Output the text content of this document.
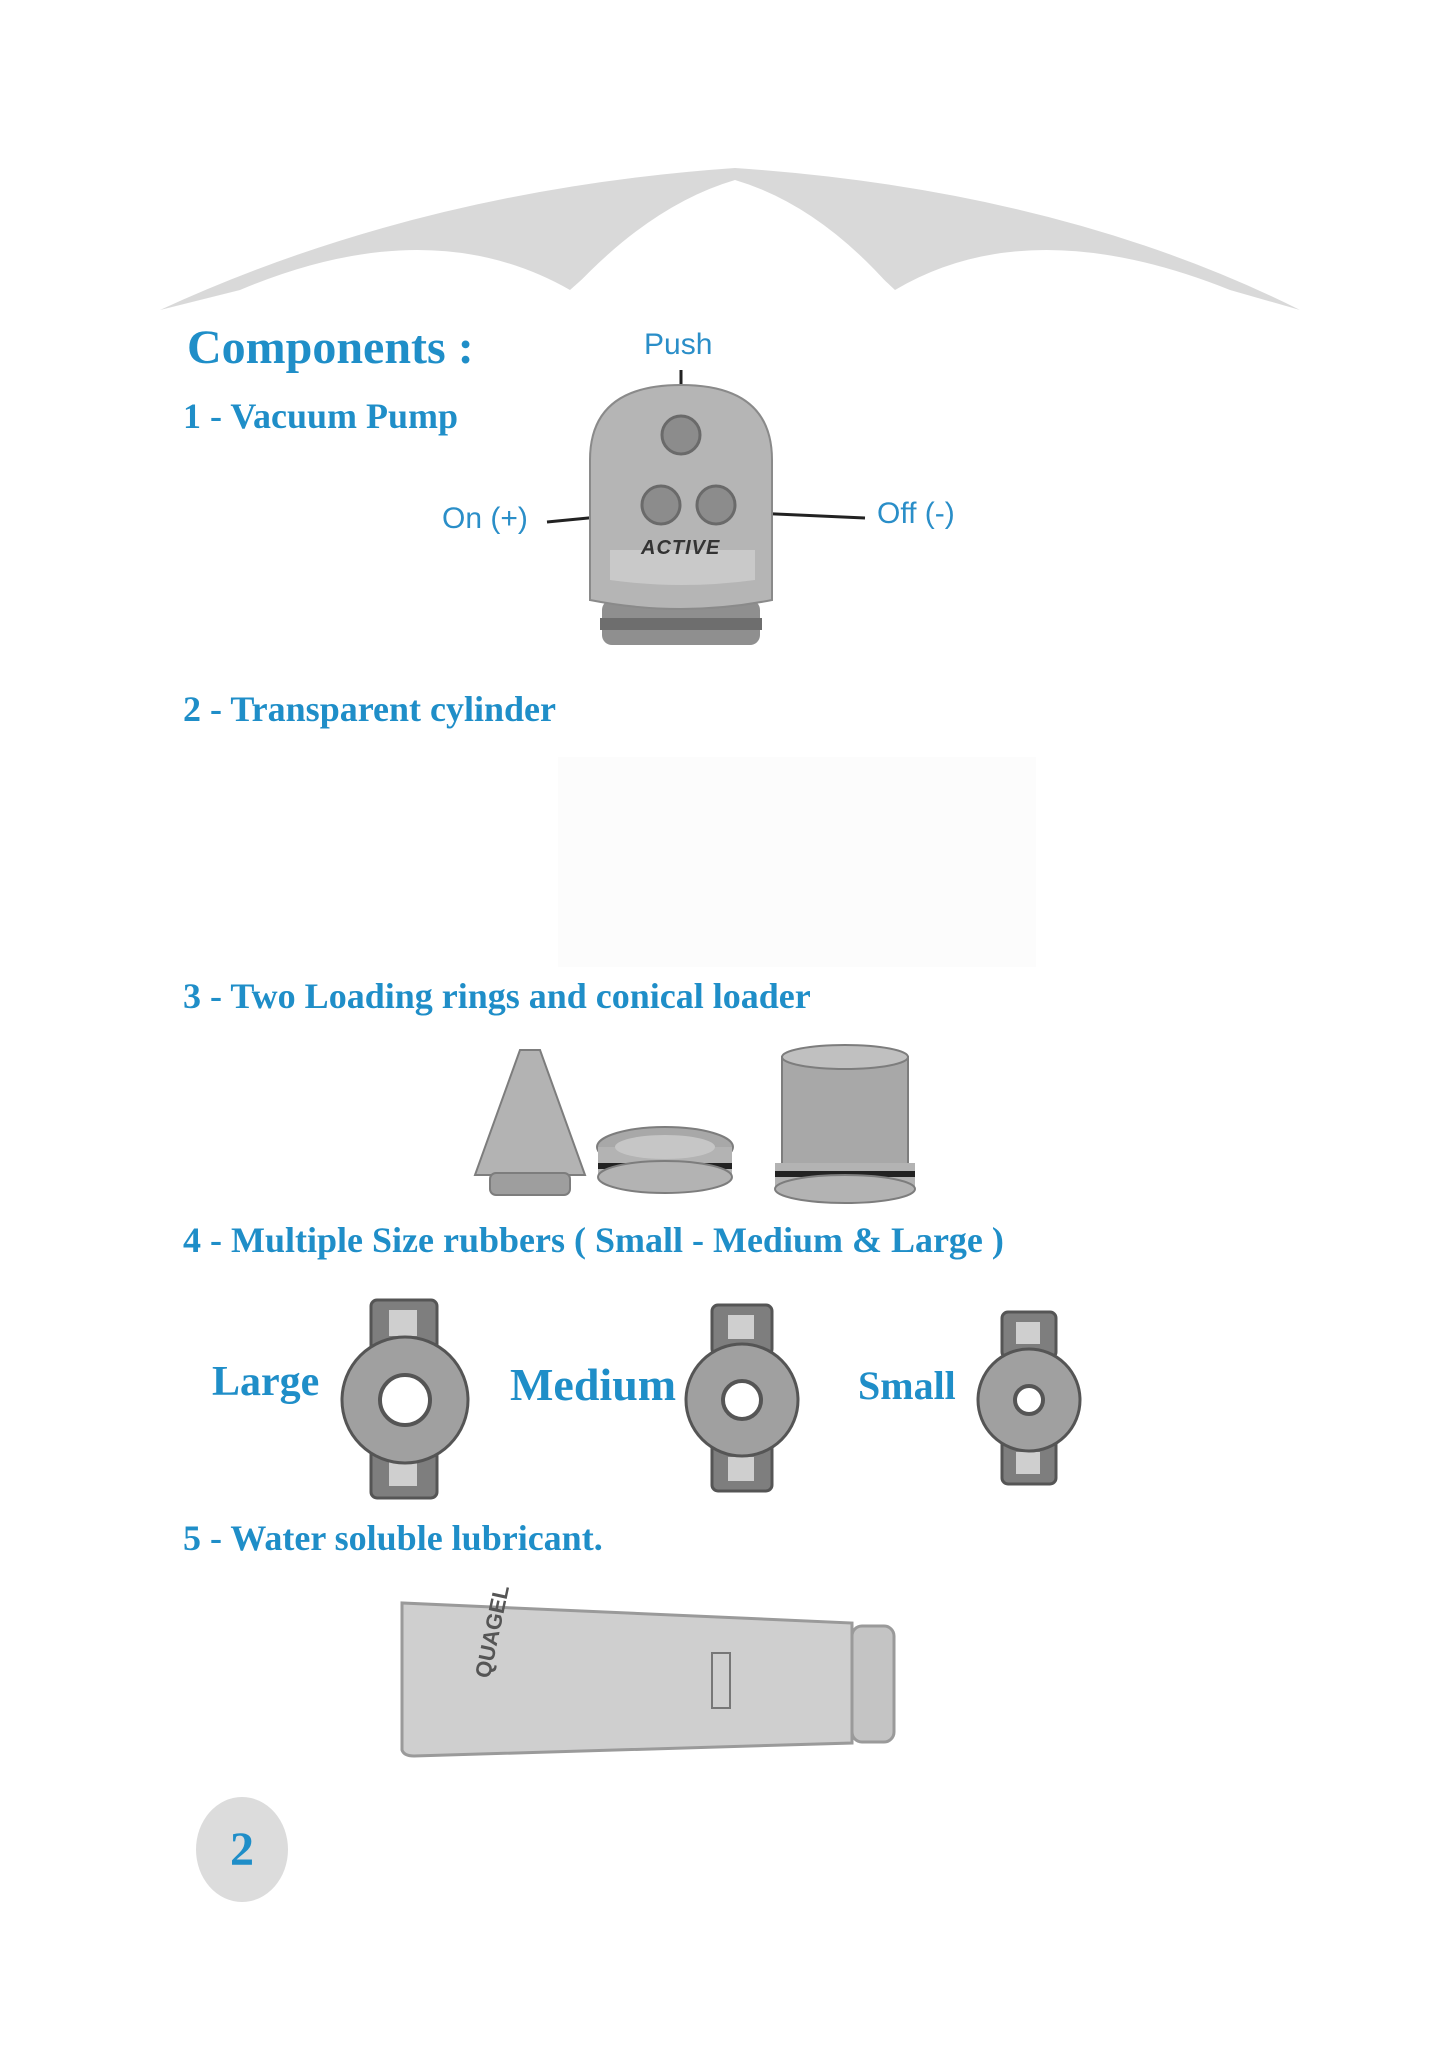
Components :
1 - Vacuum Pump
Push
On (+)	Off (-)
ACTIVE
2 - Transparent cylinder
3 - Two Loading rings and conical loader
4 - Multiple Size rubbers ( Small - Medium & Large )
Large	Medium	Small
5 - Water soluble lubricant.
QUAGEL
2
